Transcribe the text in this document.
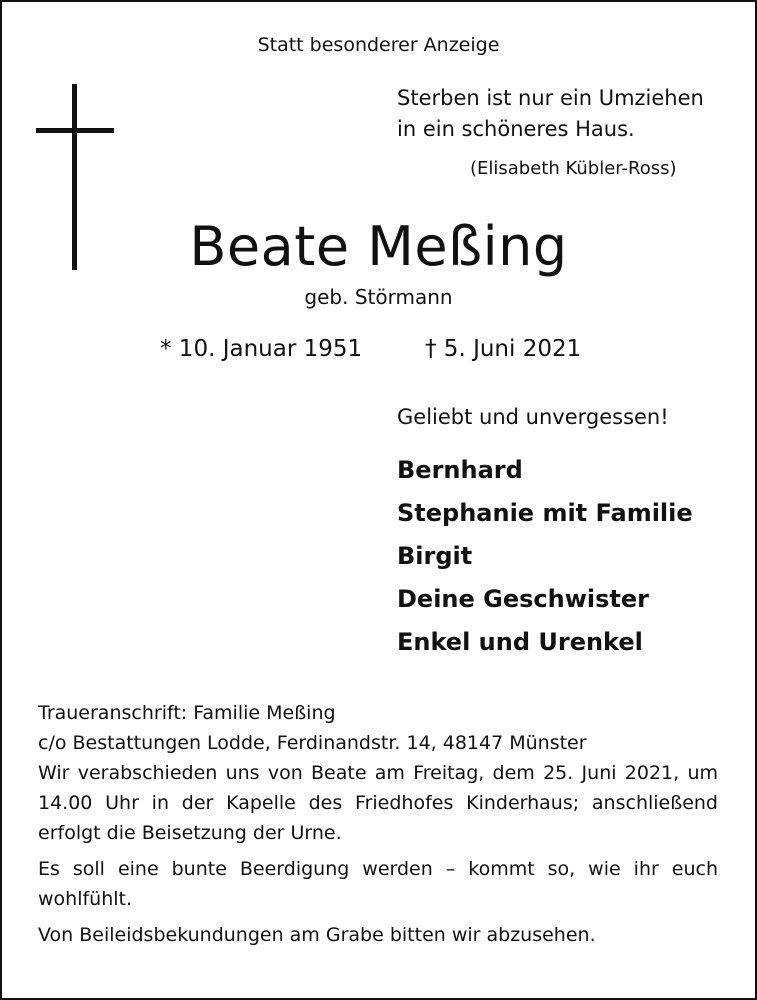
Statt besonderer Anzeige
Sterben ist nur ein Umziehen
in ein schöneres Haus.
(Elisabeth Kübler-Ross)
Beate Meßing
geb. Störmann
* 10. Januar 1951	† 5. Juni 2021
Geliebt und unvergessen!
Bernhard
Stephanie mit Familie
Birgit
Deine Geschwister
Enkel und Urenkel

Traueranschrift: Familie Meßing

c/o Bestattungen Lodde, Ferdinandstr. 14, 48147 Münster

Wir verabschieden uns von Beate am Freitag, dem 25. Juni 2021, um 14.00 Uhr in der Kapelle des Friedhofes Kinderhaus; anschließend erfolgt die Beisetzung der Urne.

Es soll eine bunte Beerdigung werden – kommt so, wie ihr euch wohlfühlt.

Von Beileidsbekundungen am Grabe bitten wir abzusehen.
